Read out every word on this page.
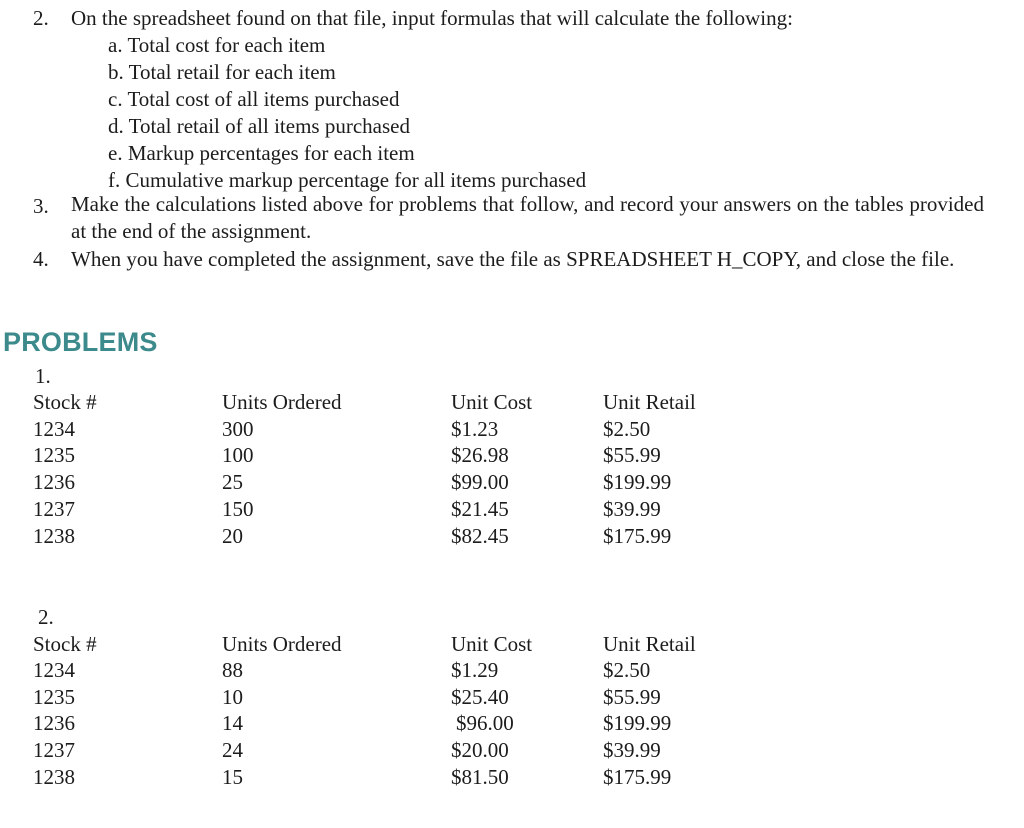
2. On the spreadsheet found on that file, input formulas that will calculate the following:
a. Total cost for each item
b. Total retail for each item
c. Total cost of all items purchased
d. Total retail of all items purchased
e. Markup percentages for each item
f. Cumulative markup percentage for all items purchased
3. Make the calculations listed above for problems that follow, and record your answers on the tables provided at the end of the assignment.
4. When you have completed the assignment, save the file as SPREADSHEET H_COPY, and close the file.
PROBLEMS
1.
Stock #	Units Ordered	Unit Cost	Unit Retail
1234	300	$1.23	$2.50
1235	100	$26.98	$55.99
1236	25	$99.00	$199.99
1237	150	$21.45	$39.99
1238	20	$82.45	$175.99
2.
Stock #	Units Ordered	Unit Cost	Unit Retail
1234	88	$1.29	$2.50
1235	10	$25.40	$55.99
1236	14	$96.00	$199.99
1237	24	$20.00	$39.99
1238	15	$81.50	$175.99
